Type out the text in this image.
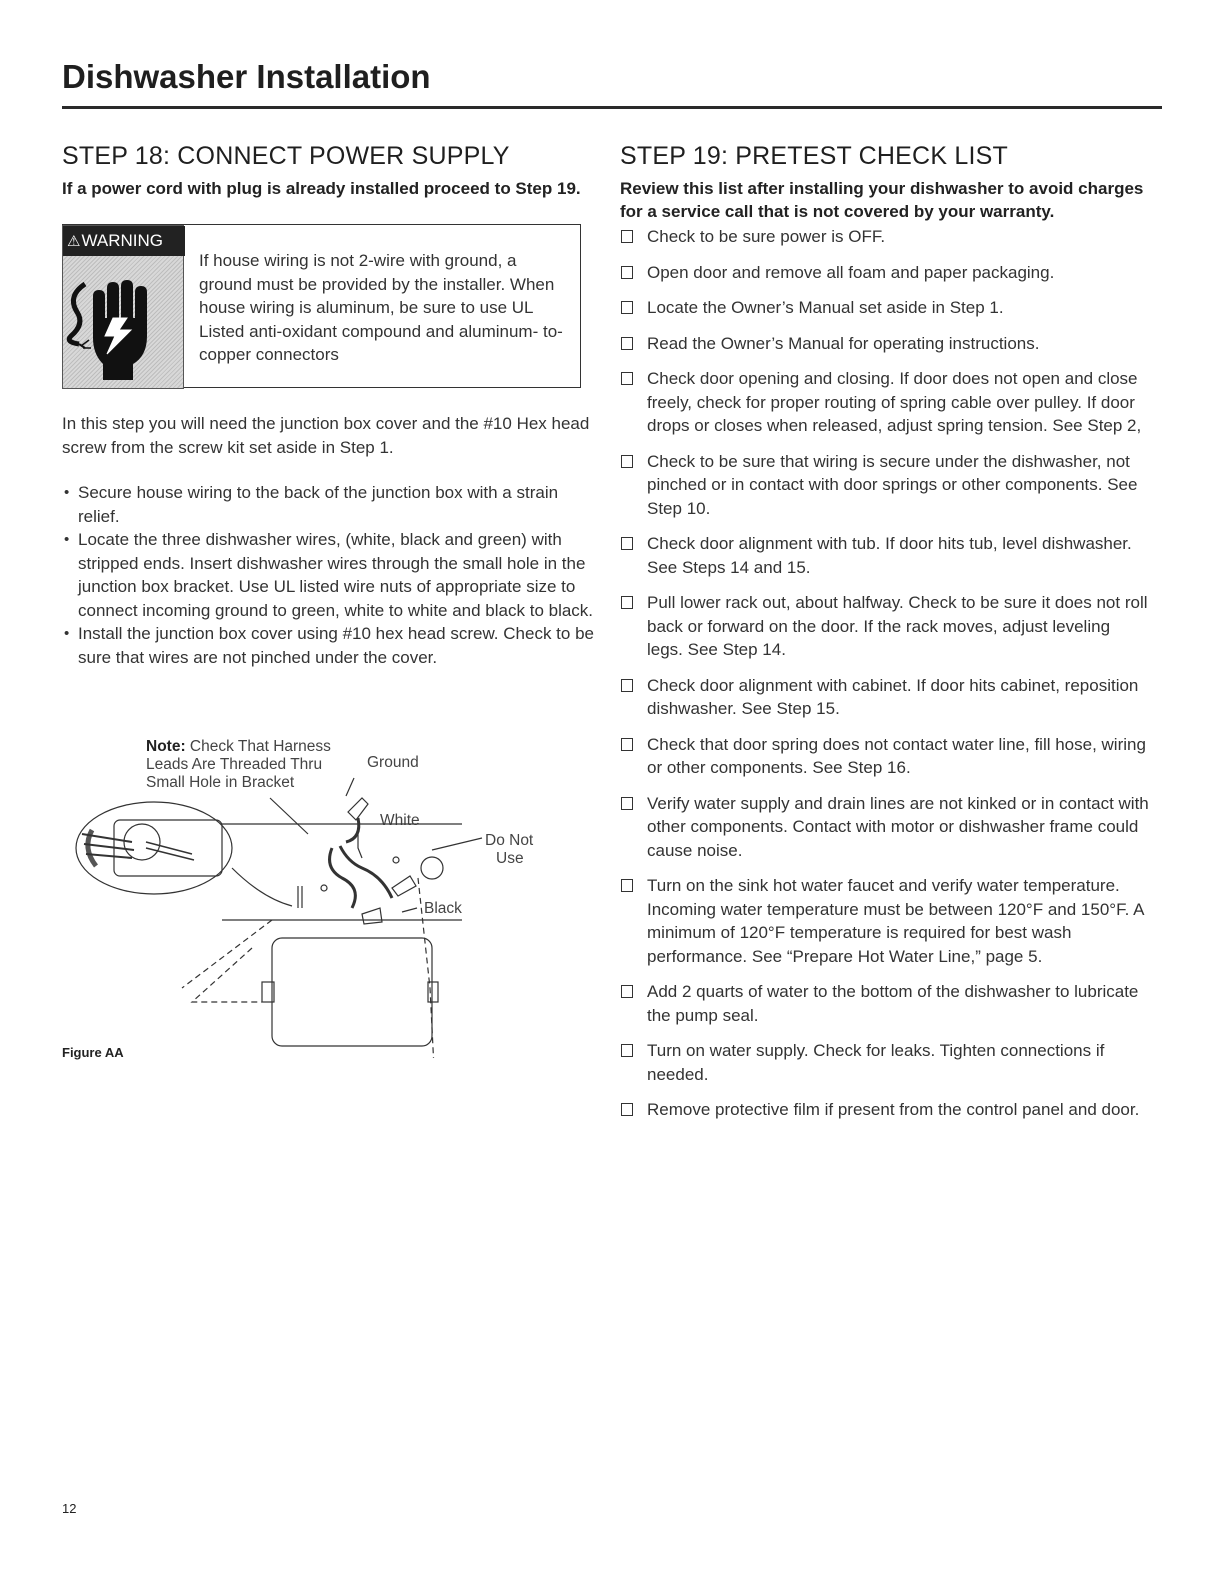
Dishwasher Installation
STEP 18: CONNECT POWER SUPPLY

If a power cord with plug is already installed proceed to Step 19.

⚠WARNING
If house wiring is not 2-wire with ground, a ground must be provided by the installer. When house wiring is aluminum, be sure to use UL Listed anti-oxidant compound and aluminum- to-copper connectors

In this step you will need the junction box cover and the #10 Hex head screw from the screw kit set aside in Step 1.

• Secure house wiring to the back of the junction box with a strain relief.
• Locate the three dishwasher wires, (white, black and green) with stripped ends. Insert dishwasher wires through the small hole in the junction box bracket. Use UL listed wire nuts of appropriate size to connect incoming ground to green, white to white and black to black.
• Install the junction box cover using #10 hex head screw. Check to be sure that wires are not pinched under the cover.
Note: Check That Harness
Leads Are Threaded Thru
Small Hole in Bracket
Ground
White
Do Not
Use
Black
Figure AA
STEP 19: PRETEST CHECK LIST

Review this list after installing your dishwasher to avoid charges for a service call that is not covered by your warranty.

Check to be sure power is OFF.
Open door and remove all foam and paper packaging.
Locate the Owner’s Manual set aside in Step 1.
Read the Owner’s Manual for operating instructions.
Check door opening and closing. If door does not open and close freely, check for proper routing of spring cable over pulley. If door drops or closes when released, adjust spring tension. See Step 2,
Check to be sure that wiring is secure under the dishwasher, not pinched or in contact with door springs or other components. See Step 10.
Check door alignment with tub. If door hits tub, level dishwasher. See Steps 14 and 15.
Pull lower rack out, about halfway. Check to be sure it does not roll back or forward on the door. If the rack moves, adjust leveling legs. See Step 14.
Check door alignment with cabinet. If door hits cabinet, reposition dishwasher. See Step 15.
Check that door spring does not contact water line, fill hose, wiring or other components. See Step 16.
Verify water supply and drain lines are not kinked or in contact with other components. Contact with motor or dishwasher frame could cause noise.
Turn on the sink hot water faucet and verify water temperature. Incoming water temperature must be between 120°F and 150°F. A minimum of 120°F temperature is required for best wash performance. See “Prepare Hot Water Line,” page 5.
Add 2 quarts of water to the bottom of the dishwasher to lubricate the pump seal.
Turn on water supply. Check for leaks. Tighten connections if needed.
Remove protective film if present from the control panel and door.
12
